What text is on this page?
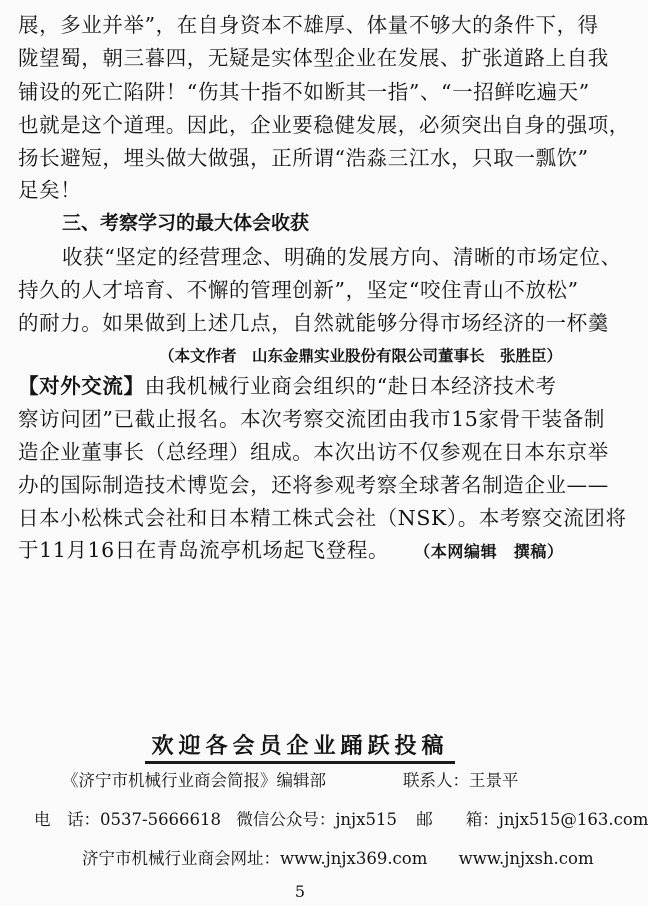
展，多业并举”，在自身资本不雄厚、体量不够大的条件下，得
陇望蜀，朝三暮四，无疑是实体型企业在发展、扩张道路上自我
铺设的死亡陷阱！“伤其十指不如断其一指”、“一招鲜吃遍天”
也就是这个道理。因此，企业要稳健发展，必须突出自身的强项，
扬长避短，埋头做大做强，正所谓“浩淼三江水，只取一瓢饮”
足矣！
三、考察学习的最大体会收获
收获“坚定的经营理念、明确的发展方向、清晰的市场定位、
持久的人才培育、不懈的管理创新”，坚定“咬住青山不放松”
的耐力。如果做到上述几点，自然就能够分得市场经济的一杯羹
（本文作者　山东金鼎实业股份有限公司董事长　张胜臣）
【对外交流】由我机械行业商会组织的“赴日本经济技术考
察访问团”已截止报名。本次考察交流团由我市15家骨干装备制
造企业董事长（总经理）组成。本次出访不仅参观在日本东京举
办的国际制造技术博览会，还将参观考察全球著名制造企业——
日本小松株式会社和日本精工株式会社（NSK）。本考察交流团将
于11月16日在青岛流亭机场起飞登程。 （本网编辑　撰稿）
欢迎各会员企业踊跃投稿
《济宁市机械行业商会简报》编辑部	联系人：王景平
电　话：0537-5666618 微信公众号：jnjx515 邮　　箱：jnjx515@163.com
济宁市机械行业商会网址：www.jnjx369.com www.jnjxsh.com
5
